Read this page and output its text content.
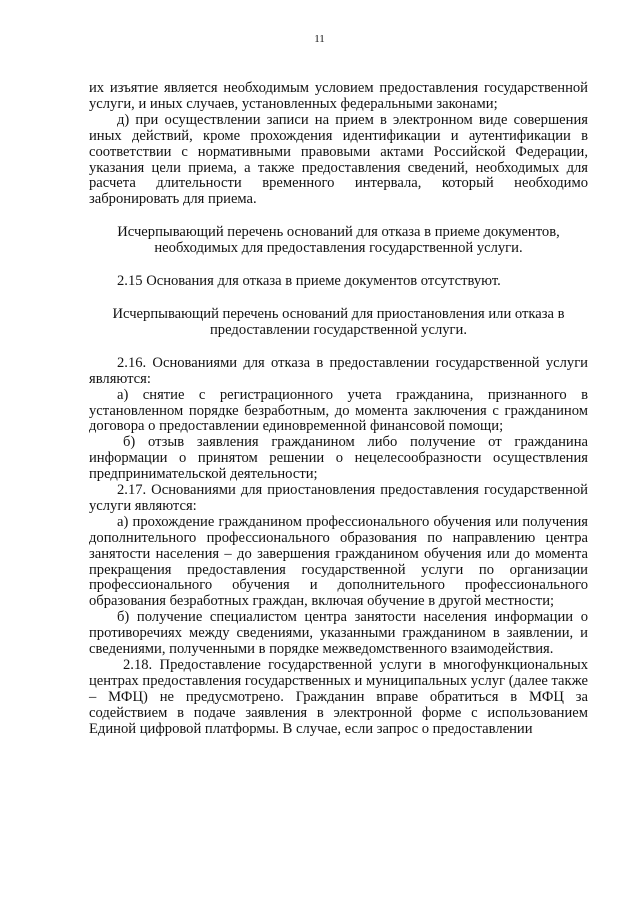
11

их изъятие является необходимым условием предоставления государственной услуги, и иных случаев, установленных федеральными законами;

д) при осуществлении записи на прием в электронном виде совершения иных действий, кроме прохождения идентификации и аутентификации в соответствии с нормативными правовыми актами Российской Федерации, указания цели приема, а также предоставления сведений, необходимых для расчета длительности временного интервала, который необходимо забронировать для приема.

Исчерпывающий перечень оснований для отказа в приеме документов, необходимых для предоставления государственной услуги.

2.15 Основания для отказа в приеме документов отсутствуют.

Исчерпывающий перечень оснований для приостановления или отказа в предоставлении государственной услуги.

2.16. Основаниями для отказа в предоставлении государственной услуги являются:

а) снятие с регистрационного учета гражданина, признанного в установленном порядке безработным, до момента заключения с гражданином договора о предоставлении единовременной финансовой помощи;

б) отзыв заявления гражданином либо получение от гражданина информации о принятом решении о нецелесообразности осуществления предпринимательской деятельности;

2.17. Основаниями для приостановления предоставления государственной услуги являются:

а) прохождение гражданином профессионального обучения или получения дополнительного профессионального образования по направлению центра занятости населения – до завершения гражданином обучения или до момента прекращения предоставления государственной услуги по организации профессионального обучения и дополнительного профессионального образования безработных граждан, включая обучение в другой местности;

б) получение специалистом центра занятости населения информации о противоречиях между сведениями, указанными гражданином в заявлении, и сведениями, полученными в порядке межведомственного взаимодействия.

2.18. Предоставление государственной услуги в многофункциональных центрах предоставления государственных и муниципальных услуг (далее также – МФЦ) не предусмотрено. Гражданин вправе обратиться в МФЦ за содействием в подаче заявления в электронной форме с использованием Единой цифровой платформы. В случае, если запрос о предоставлении
